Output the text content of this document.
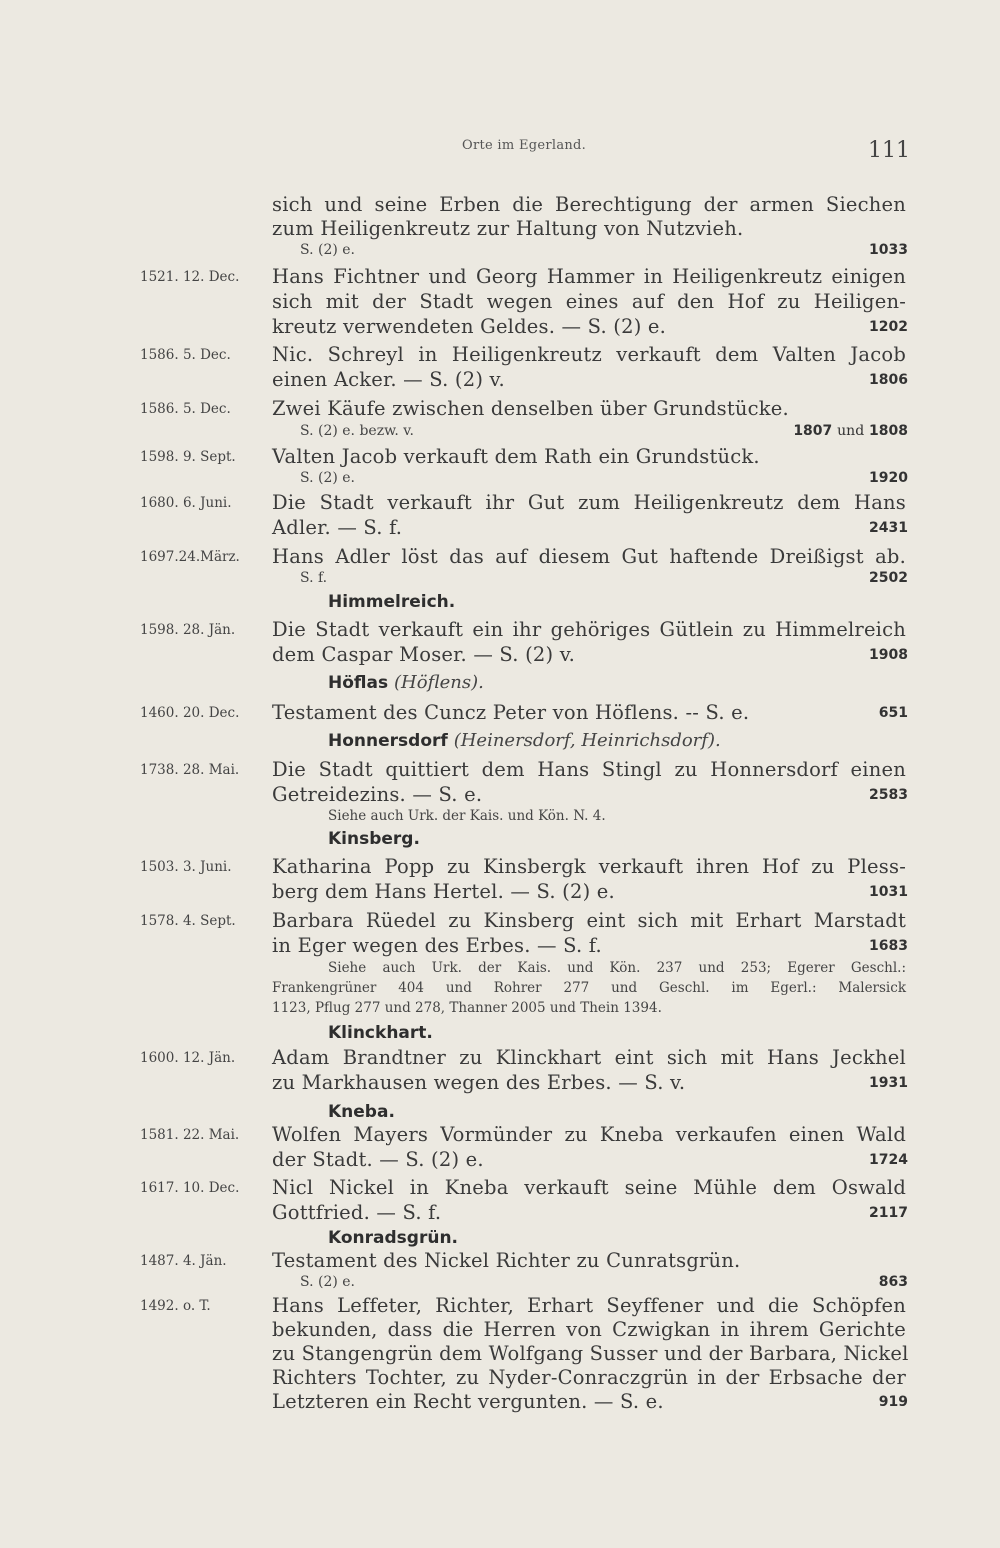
Orte im Egerland.	111
sich und seine Erben die Berechtigung der armen Siechen
zum Heiligenkreutz zur Haltung von Nutzvieh.
S. (2) e.	1033
1521. 12. Dec.	Hans Fichtner und Georg Hammer in Heiligenkreutz einigen
sich mit der Stadt wegen eines auf den Hof zu Heiligen-
kreutz verwendeten Geldes. — S. (2) e.	1202
1586. 5. Dec.	Nic. Schreyl in Heiligenkreutz verkauft dem Valten Jacob
einen Acker. — S. (2) v.	1806
1586. 5. Dec.	Zwei Käufe zwischen denselben über Grundstücke.
S. (2) e. bezw. v.	1807 und 1808
1598. 9. Sept.	Valten Jacob verkauft dem Rath ein Grundstück.
S. (2) e.	1920
1680. 6. Juni.	Die Stadt verkauft ihr Gut zum Heiligenkreutz dem Hans
Adler. — S. f.	2431
1697.24.März.	Hans Adler löst das auf diesem Gut haftende Dreißigst ab.
S. f.	2502
Himmelreich.
1598. 28. Jän.	Die Stadt verkauft ein ihr gehöriges Gütlein zu Himmelreich
dem Caspar Moser. — S. (2) v.	1908
Höflas (Höflens).
1460. 20. Dec.	Testament des Cuncz Peter von Höflens. -- S. e.	651
Honnersdorf (Heinersdorf, Heinrichsdorf).
1738. 28. Mai.	Die Stadt quittiert dem Hans Stingl zu Honnersdorf einen
Getreidezins. — S. e.	2583
Siehe auch Urk. der Kais. und Kön. N. 4.
Kinsberg.
1503. 3. Juni.	Katharina Popp zu Kinsbergk verkauft ihren Hof zu Pless-
berg dem Hans Hertel. — S. (2) e.	1031
1578. 4. Sept.	Barbara Rüedel zu Kinsberg eint sich mit Erhart Marstadt
in Eger wegen des Erbes. — S. f.	1683
Siehe auch Urk. der Kais. und Kön. 237 und 253; Egerer Geschl.:
Frankengrüner 404 und Rohrer 277 und Geschl. im Egerl.: Malersick
1123, Pflug 277 und 278, Thanner 2005 und Thein 1394.
Klinckhart.
1600. 12. Jän.	Adam Brandtner zu Klinckhart eint sich mit Hans Jeckhel
zu Markhausen wegen des Erbes. — S. v.	1931
Kneba.
1581. 22. Mai.	Wolfen Mayers Vormünder zu Kneba verkaufen einen Wald
der Stadt. — S. (2) e.	1724
1617. 10. Dec.	Nicl Nickel in Kneba verkauft seine Mühle dem Oswald
Gottfried. — S. f.	2117
Konradsgrün.
1487. 4. Jän.	Testament des Nickel Richter zu Cunratsgrün.
S. (2) e.	863
1492. o. T.	Hans Leffeter, Richter, Erhart Seyffener und die Schöpfen
bekunden, dass die Herren von Czwigkan in ihrem Gerichte
zu Stangengrün dem Wolfgang Susser und der Barbara, Nickel
Richters Tochter, zu Nyder-Conraczgrün in der Erbsache der
Letzteren ein Recht vergunten. — S. e.	919
